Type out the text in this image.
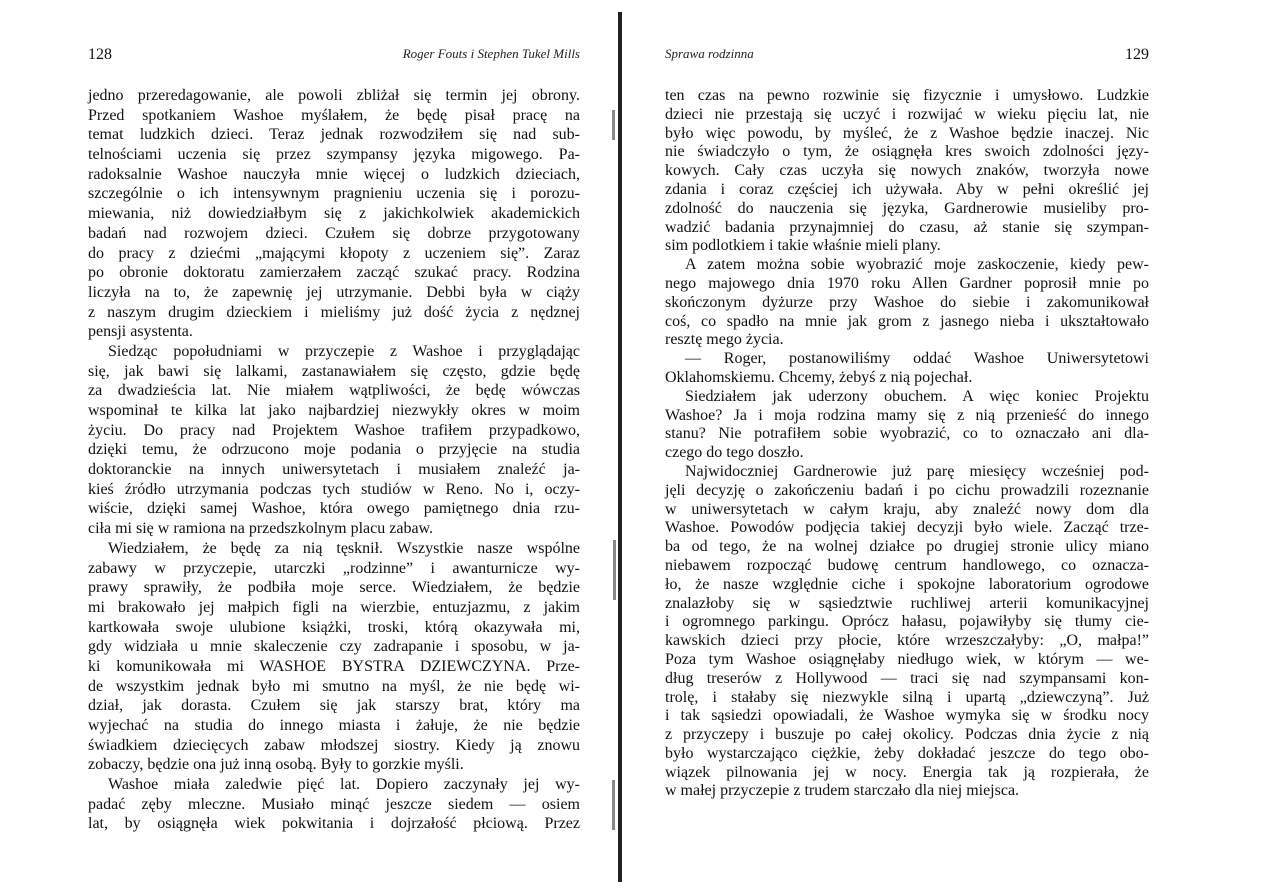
128	Roger Fouts i Stephen Tukel Mills
jedno przeredagowanie, ale powoli zbliżał się termin jej obrony.
Przed spotkaniem Washoe myślałem, że będę pisał pracę na
temat ludzkich dzieci. Teraz jednak rozwodziłem się nad sub-
telnościami uczenia się przez szympansy języka migowego. Pa-
radoksalnie Washoe nauczyła mnie więcej o ludzkich dzieciach,
szczególnie o ich intensywnym pragnieniu uczenia się i porozu-
miewania, niż dowiedziałbym się z jakichkolwiek akademickich
badań nad rozwojem dzieci. Czułem się dobrze przygotowany
do pracy z dziećmi „mającymi kłopoty z uczeniem się”. Zaraz
po obronie doktoratu zamierzałem zacząć szukać pracy. Rodzina
liczyła na to, że zapewnię jej utrzymanie. Debbi była w ciąży
z naszym drugim dzieckiem i mieliśmy już dość życia z nędznej
pensji asystenta.
Siedząc popołudniami w przyczepie z Washoe i przyglądając
się, jak bawi się lalkami, zastanawiałem się często, gdzie będę
za dwadzieścia lat. Nie miałem wątpliwości, że będę wówczas
wspominał te kilka lat jako najbardziej niezwykły okres w moim
życiu. Do pracy nad Projektem Washoe trafiłem przypadkowo,
dzięki temu, że odrzucono moje podania o przyjęcie na studia
doktoranckie na innych uniwersytetach i musiałem znaleźć ja-
kieś źródło utrzymania podczas tych studiów w Reno. No i, oczy-
wiście, dzięki samej Washoe, która owego pamiętnego dnia rzu-
ciła mi się w ramiona na przedszkolnym placu zabaw.
Wiedziałem, że będę za nią tęsknił. Wszystkie nasze wspólne
zabawy w przyczepie, utarczki „rodzinne” i awanturnicze wy-
prawy sprawiły, że podbiła moje serce. Wiedziałem, że będzie
mi brakowało jej małpich figli na wierzbie, entuzjazmu, z jakim
kartkowała swoje ulubione książki, troski, którą okazywała mi,
gdy widziała u mnie skaleczenie czy zadrapanie i sposobu, w ja-
ki komunikowała mi WASHOE BYSTRA DZIEWCZYNA. Prze-
de wszystkim jednak było mi smutno na myśl, że nie będę wi-
dział, jak dorasta. Czułem się jak starszy brat, który ma
wyjechać na studia do innego miasta i żałuje, że nie będzie
świadkiem dziecięcych zabaw młodszej siostry. Kiedy ją znowu
zobaczy, będzie ona już inną osobą. Były to gorzkie myśli.
Washoe miała zaledwie pięć lat. Dopiero zaczynały jej wy-
padać zęby mleczne. Musiało minąć jeszcze siedem — osiem
lat, by osiągnęła wiek pokwitania i dojrzałość płciową. Przez
Sprawa rodzinna	129
ten czas na pewno rozwinie się fizycznie i umysłowo. Ludzkie
dzieci nie przestają się uczyć i rozwijać w wieku pięciu lat, nie
było więc powodu, by myśleć, że z Washoe będzie inaczej. Nic
nie świadczyło o tym, że osiągnęła kres swoich zdolności języ-
kowych. Cały czas uczyła się nowych znaków, tworzyła nowe
zdania i coraz częściej ich używała. Aby w pełni określić jej
zdolność do nauczenia się języka, Gardnerowie musieliby pro-
wadzić badania przynajmniej do czasu, aż stanie się szympan-
sim podlotkiem i takie właśnie mieli plany.
A zatem można sobie wyobrazić moje zaskoczenie, kiedy pew-
nego majowego dnia 1970 roku Allen Gardner poprosił mnie po
skończonym dyżurze przy Washoe do siebie i zakomunikował
coś, co spadło na mnie jak grom z jasnego nieba i ukształtowało
resztę mego życia.
— Roger, postanowiliśmy oddać Washoe Uniwersytetowi
Oklahomskiemu. Chcemy, żebyś z nią pojechał.
Siedziałem jak uderzony obuchem. A więc koniec Projektu
Washoe? Ja i moja rodzina mamy się z nią przenieść do innego
stanu? Nie potrafiłem sobie wyobrazić, co to oznaczało ani dla-
czego do tego doszło.
Najwidoczniej Gardnerowie już parę miesięcy wcześniej pod-
jęli decyzję o zakończeniu badań i po cichu prowadzili rozeznanie
w uniwersytetach w całym kraju, aby znaleźć nowy dom dla
Washoe. Powodów podjęcia takiej decyzji było wiele. Zacząć trze-
ba od tego, że na wolnej działce po drugiej stronie ulicy miano
niebawem rozpocząć budowę centrum handlowego, co oznacza-
ło, że nasze względnie ciche i spokojne laboratorium ogrodowe
znalazłoby się w sąsiedztwie ruchliwej arterii komunikacyjnej
i ogromnego parkingu. Oprócz hałasu, pojawiłyby się tłumy cie-
kawskich dzieci przy płocie, które wrzeszczałyby: „O, małpa!”
Poza tym Washoe osiągnęłaby niedługo wiek, w którym — we-
dług treserów z Hollywood — traci się nad szympansami kon-
trolę, i stałaby się niezwykle silną i upartą „dziewczyną”. Już
i tak sąsiedzi opowiadali, że Washoe wymyka się w środku nocy
z przyczepy i buszuje po całej okolicy. Podczas dnia życie z nią
było wystarczająco ciężkie, żeby dokładać jeszcze do tego obo-
wiązek pilnowania jej w nocy. Energia tak ją rozpierała, że
w małej przyczepie z trudem starczało dla niej miejsca.
